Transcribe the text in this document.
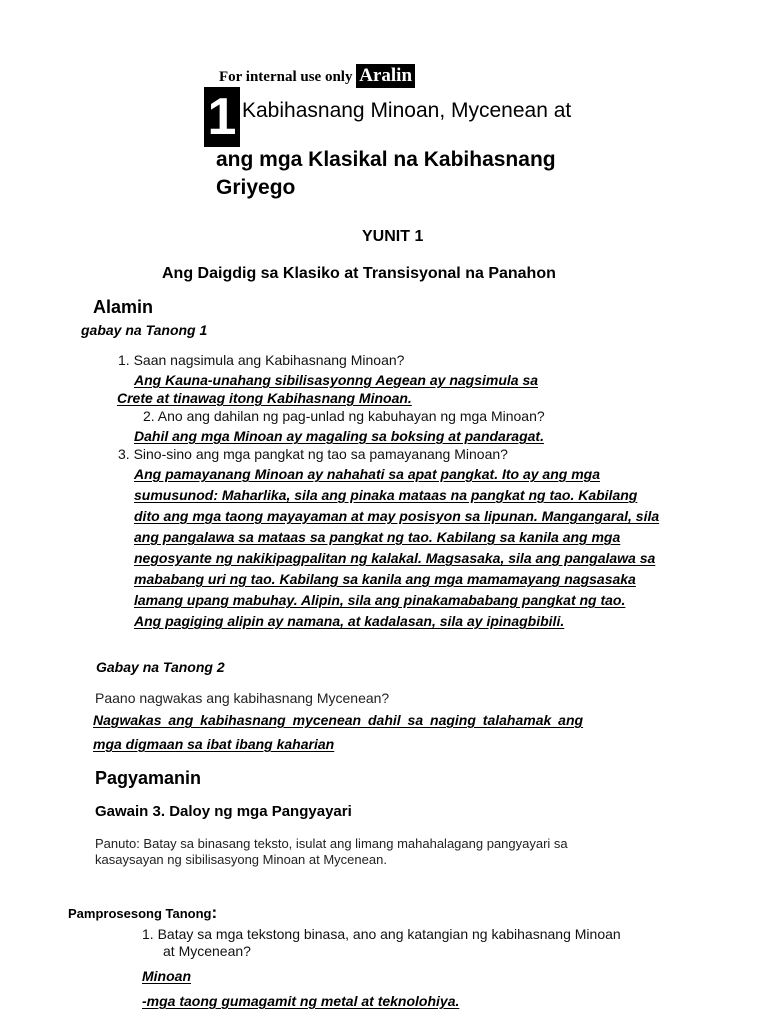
For internal use only Aralin
1 Kabihasnang Minoan, Mycenean at
ang mga Klasikal na Kabihasnang
Griyego
YUNIT 1
Ang Daigdig sa Klasiko at Transisyonal na Panahon
Alamin
gabay na Tanong 1
1. Saan nagsimula ang Kabihasnang Minoan?
Ang Kauna-unahang sibilisasyonng Aegean ay nagsimula sa
Crete at tinawag itong Kabihasnang Minoan.
2. Ano ang dahilan ng pag-unlad ng kabuhayan ng mga Minoan?
Dahil ang mga Minoan ay magaling sa boksing at pandaragat.
3. Sino-sino ang mga pangkat ng tao sa pamayanang Minoan?
Ang pamayanang Minoan ay nahahati sa apat pangkat. Ito ay ang mga
sumusunod: Maharlika, sila ang pinaka mataas na pangkat ng tao. Kabilang
dito ang mga taong mayayaman at may posisyon sa lipunan. Mangangaral, sila
ang pangalawa sa mataas sa pangkat ng tao. Kabilang sa kanila ang mga
negosyante ng nakikipagpalitan ng kalakal. Magsasaka, sila ang pangalawa sa
mababang uri ng tao. Kabilang sa kanila ang mga mamamayang nagsasaka
lamang upang mabuhay. Alipin, sila ang pinakamababang pangkat ng tao.
Ang pagiging alipin ay namana, at kadalasan, sila ay ipinagbibili.
Gabay na Tanong 2
Paano nagwakas ang kabihasnang Mycenean?
Nagwakas ang kabihasnang mycenean dahil sa naging talahamak ang
mga digmaan sa ibat ibang kaharian
Pagyamanin
Gawain 3. Daloy ng mga Pangyayari
Panuto: Batay sa binasang teksto, isulat ang limang mahahalagang pangyayari sa
kasaysayan ng sibilisasyong Minoan at Mycenean.
Pamprosesong Tanong:
1. Batay sa mga tekstong binasa, ano ang katangian ng kabihasnang Minoan
at Mycenean?
Minoan
-mga taong gumagamit ng metal at teknolohiya.
